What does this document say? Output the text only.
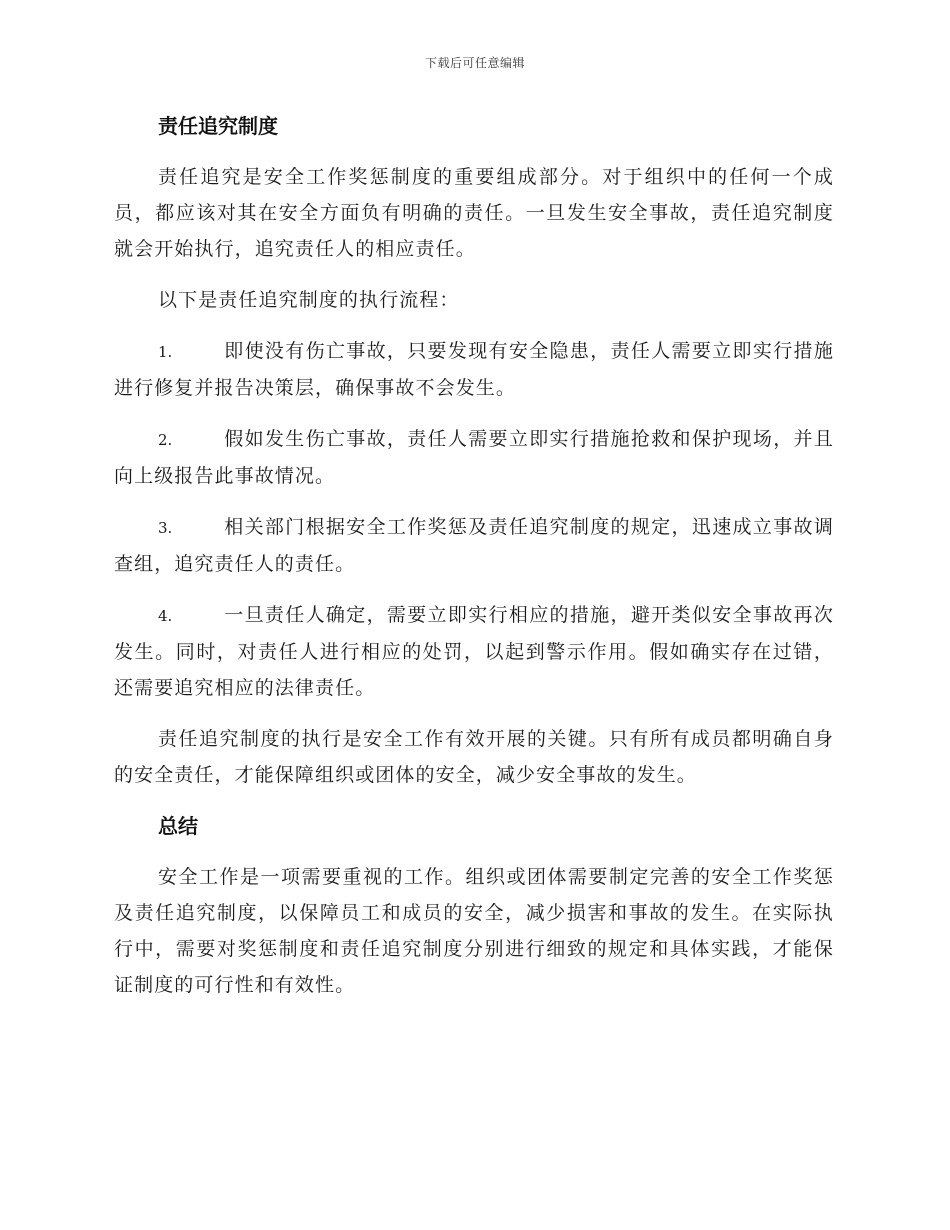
下载后可任意编辑
责任追究制度

责任追究是安全工作奖惩制度的重要组成部分。对于组织中的任何一个成员，都应该对其在安全方面负有明确的责任。一旦发生安全事故，责任追究制度就会开始执行，追究责任人的相应责任。

以下是责任追究制度的执行流程：

1.	即使没有伤亡事故，只要发现有安全隐患，责任人需要立即实行措施进行修复并报告决策层，确保事故不会发生。
2.	假如发生伤亡事故，责任人需要立即实行措施抢救和保护现场，并且向上级报告此事故情况。
3.	相关部门根据安全工作奖惩及责任追究制度的规定，迅速成立事故调查组，追究责任人的责任。
4.	一旦责任人确定，需要立即实行相应的措施，避开类似安全事故再次发生。同时，对责任人进行相应的处罚，以起到警示作用。假如确实存在过错，还需要追究相应的法律责任。

责任追究制度的执行是安全工作有效开展的关键。只有所有成员都明确自身的安全责任，才能保障组织或团体的安全，减少安全事故的发生。

总结

安全工作是一项需要重视的工作。组织或团体需要制定完善的安全工作奖惩及责任追究制度，以保障员工和成员的安全，减少损害和事故的发生。在实际执行中，需要对奖惩制度和责任追究制度分别进行细致的规定和具体实践，才能保证制度的可行性和有效性。
